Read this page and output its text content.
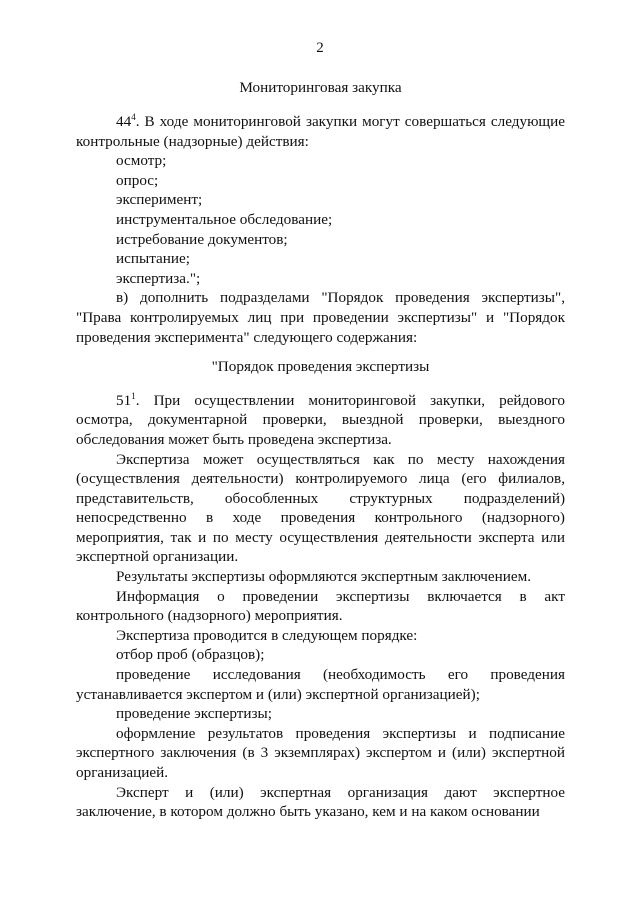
2

Мониторинговая закупка

$44^4$. В ходе мониторинговой закупки могут совершаться следующие контрольные (надзорные) действия:

осмотр;

опрос;

эксперимент;

инструментальное обследование;

истребование документов;

испытание;

экспертиза.";

в) дополнить подразделами "Порядок проведения экспертизы", "Права контролируемых лиц при проведении экспертизы" и "Порядок проведения эксперимента" следующего содержания:

"Порядок проведения экспертизы

$51^1$. При осуществлении мониторинговой закупки, рейдового осмотра, документарной проверки, выездной проверки, выездного обследования может быть проведена экспертиза.

Экспертиза может осуществляться как по месту нахождения (осуществления деятельности) контролируемого лица (его филиалов, представительств, обособленных структурных подразделений) непосредственно в ходе проведения контрольного (надзорного) мероприятия, так и по месту осуществления деятельности эксперта или экспертной организации.

Результаты экспертизы оформляются экспертным заключением.

Информация о проведении экспертизы включается в акт контрольного (надзорного) мероприятия.

Экспертиза проводится в следующем порядке:

отбор проб (образцов);

проведение исследования (необходимость его проведения устанавливается экспертом и (или) экспертной организацией);

проведение экспертизы;

оформление результатов проведения экспертизы и подписание экспертного заключения (в 3 экземплярах) экспертом и (или) экспертной организацией.

Эксперт и (или) экспертная организация дают экспертное заключение, в котором должно быть указано, кем и на каком основании
